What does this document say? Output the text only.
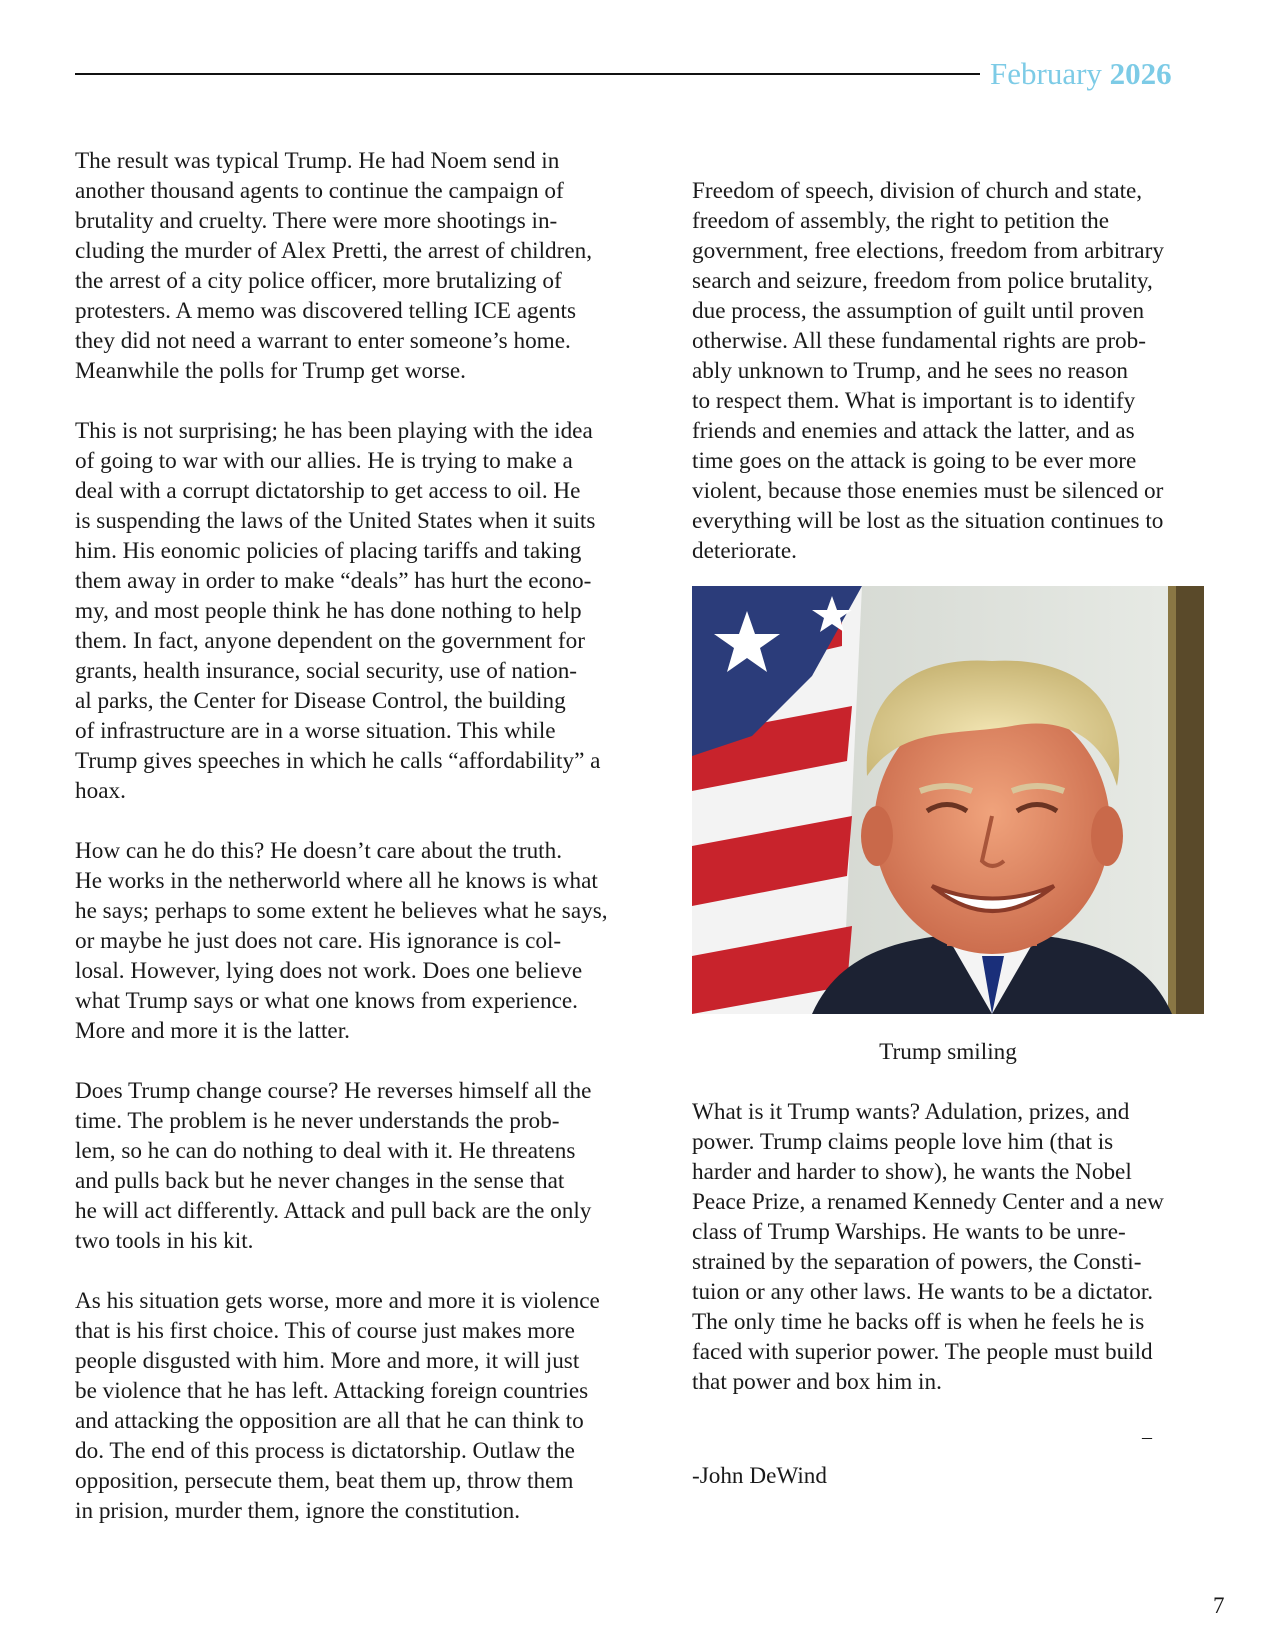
February 2026

The result was typical Trump. He had Noem send in
another thousand agents to continue the campaign of
brutality and cruelty. There were more shootings in-
cluding the murder of Alex Pretti, the arrest of children,
the arrest of a city police officer, more brutalizing of
protesters. A memo was discovered telling ICE agents
they did not need a warrant to enter someone’s home.
Meanwhile the polls for Trump get worse.

This is not surprising; he has been playing with the idea
of going to war with our allies. He is trying to make a
deal with a corrupt dictatorship to get access to oil. He
is suspending the laws of the United States when it suits
him. His eonomic policies of placing tariffs and taking
them away in order to make “deals” has hurt the econo-
my, and most people think he has done nothing to help
them. In fact, anyone dependent on the government for
grants, health insurance, social security, use of nation-
al parks, the Center for Disease Control, the building
of infrastructure are in a worse situation. This while
Trump gives speeches in which he calls “affordability” a
hoax.

How can he do this? He doesn’t care about the truth.
He works in the netherworld where all he knows is what
he says; perhaps to some extent he believes what he says,
or maybe he just does not care. His ignorance is col-
losal. However, lying does not work. Does one believe
what Trump says or what one knows from experience.
More and more it is the latter.

Does Trump change course? He reverses himself all the
time. The problem is he never understands the prob-
lem, so he can do nothing to deal with it. He threatens
and pulls back but he never changes in the sense that
he will act differently. Attack and pull back are the only
two tools in his kit.

As his situation gets worse, more and more it is violence
that is his first choice. This of course just makes more
people disgusted with him. More and more, it will just
be violence that he has left. Attacking foreign countries
and attacking the opposition are all that he can think to
do. The end of this process is dictatorship. Outlaw the
opposition, persecute them, beat them up, throw them
in prision, murder them, ignore the constitution.

Freedom of speech, division of church and state,
freedom of assembly, the right to petition the
government, free elections, freedom from arbitrary
search and seizure, freedom from police brutality,
due process, the assumption of guilt until proven
otherwise. All these fundamental rights are prob-
ably unknown to Trump, and he sees no reason
to respect them. What is important is to identify
friends and enemies and attack the latter, and as
time goes on the attack is going to be ever more
violent, because those enemies must be silenced or
everything will be lost as the situation continues to
deteriorate.

Trump smiling

What is it Trump wants? Adulation, prizes, and
power. Trump claims people love him (that is
harder and harder to show), he wants the Nobel
Peace Prize, a renamed Kennedy Center and a new
class of Trump Warships. He wants to be unre-
strained by the separation of powers, the Consti-
tuion or any other laws. He wants to be a dictator.
The only time he backs off is when he feels he is
faced with superior power. The people must build
that power and box him in.

–
-John DeWind
7
